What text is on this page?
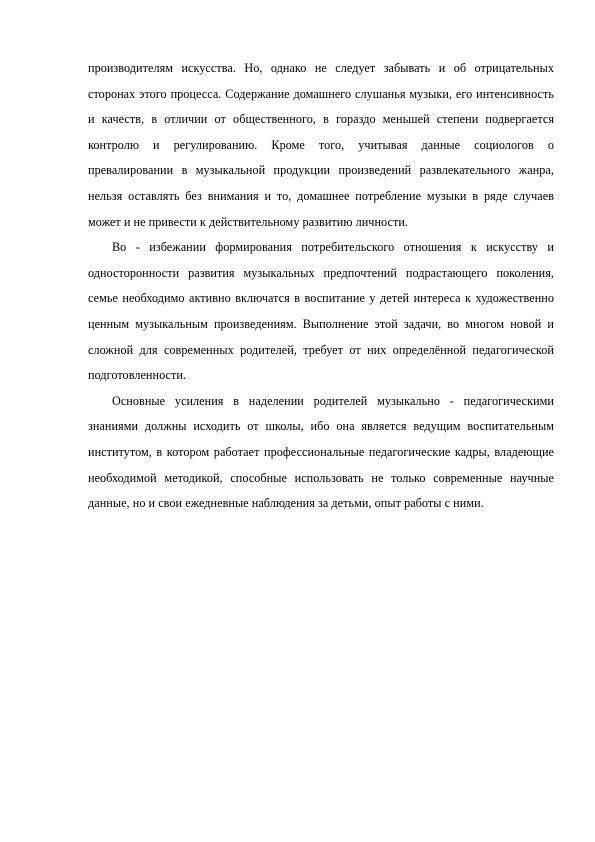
производителям искусства. Но, однако не следует забывать и об отрицательных сторонах этого процесса. Содержание домашнего слушанья музыки, его интенсивность и качеств, в отличии от общественного, в гораздо меньшей степени подвергается контролю и регулированию. Кроме того, учитывая данные социологов о превалировании в музыкальной продукции произведений развлекательного жанра, нельзя оставлять без внимания и то, домашнее потребление музыки в ряде случаев может и не привести к действительному развитию личности.

Во - избежании формирования потребительского отношения к искусству и односторонности развития музыкальных предпочтений подрастающего поколения, семье необходимо активно включатся в воспитание у детей интереса к художественно ценным музыкальным произведениям. Выполнение этой задачи, во многом новой и сложной для современных родителей, требует от них определённой педагогической подготовленности.

Основные усиления в наделении родителей музыкально - педагогическими знаниями должны исходить от школы, ибо она является ведущим воспитательным институтом, в котором работает профессиональные педагогические кадры, владеющие необходимой методикой, способные использовать не только современные научные данные, но и свои ежедневные наблюдения за детьми, опыт работы с ними.
